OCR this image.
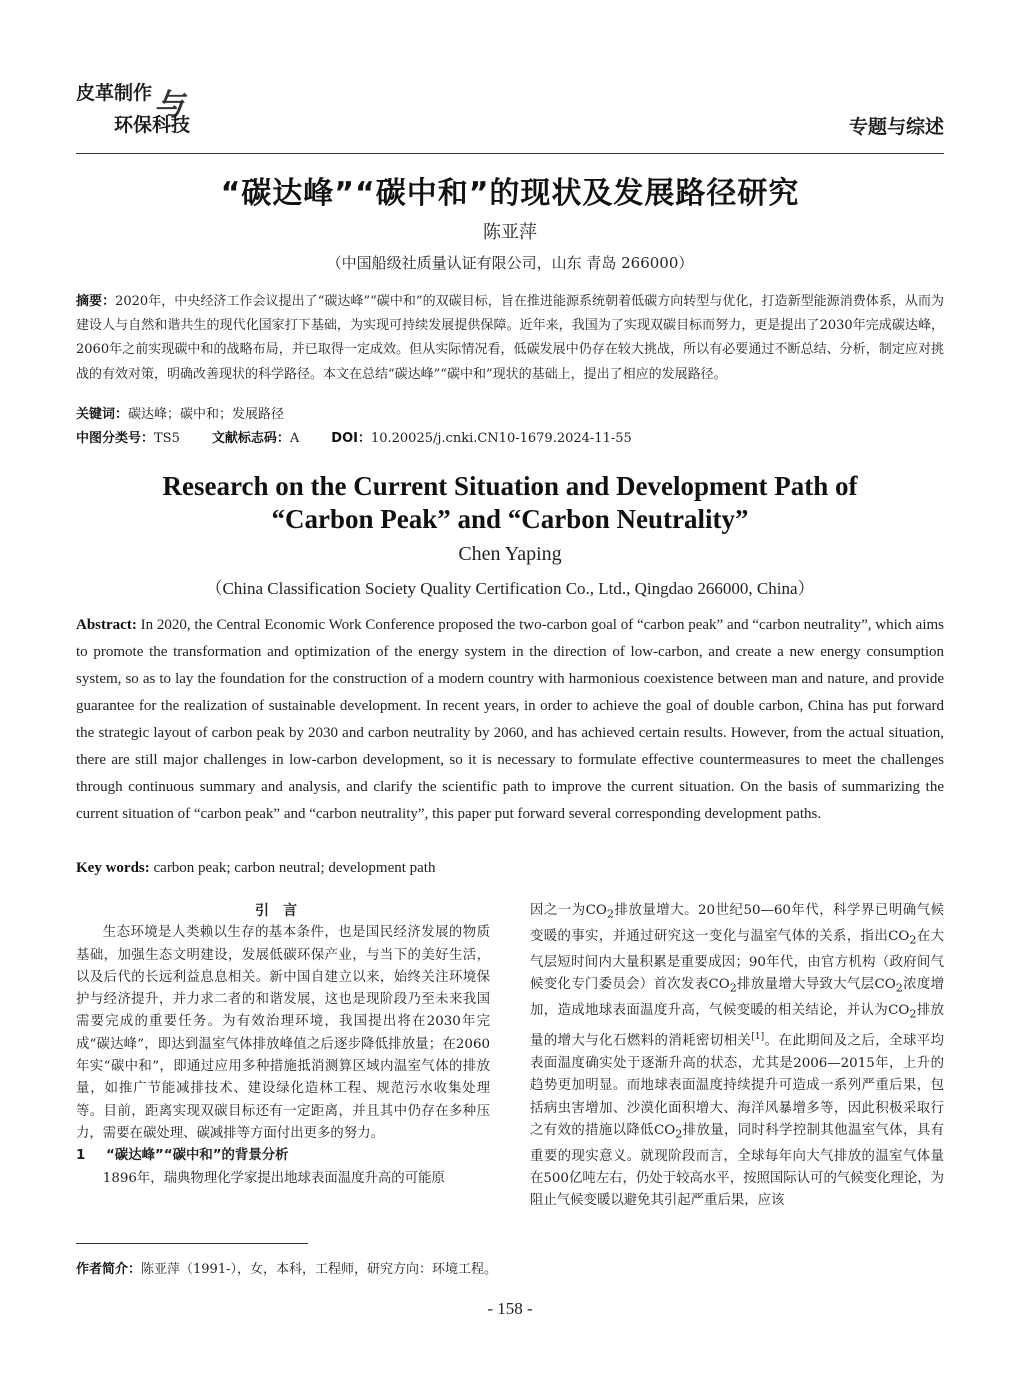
皮革制作 与
环保科技	专题与综述
“碳达峰”“碳中和”的现状及发展路径研究
陈亚萍
（中国船级社质量认证有限公司，山东 青岛 266000）
摘要：2020年，中央经济工作会议提出了“碳达峰”“碳中和”的双碳目标，旨在推进能源系统朝着低碳方向转型与优化，打造新型能源消费体系，从而为建设人与自然和谐共生的现代化国家打下基础，为实现可持续发展提供保障。近年来，我国为了实现双碳目标而努力，更是提出了2030年完成碳达峰，2060年之前实现碳中和的战略布局，并已取得一定成效。但从实际情况看，低碳发展中仍存在较大挑战，所以有必要通过不断总结、分析，制定应对挑战的有效对策，明确改善现状的科学路径。本文在总结“碳达峰”“碳中和”现状的基础上，提出了相应的发展路径。
关键词：碳达峰；碳中和；发展路径
中图分类号：TS5 文献标志码：A DOI：10.20025/j.cnki.CN10-1679.2024-11-55
Research on the Current Situation and Development Path of
“Carbon Peak” and “Carbon Neutrality”
Chen Yaping
（China Classification Society Quality Certification Co., Ltd., Qingdao 266000, China）
Abstract: In 2020, the Central Economic Work Conference proposed the two-carbon goal of “carbon peak” and “carbon neutrality”, which aims to promote the transformation and optimization of the energy system in the direction of low-carbon, and create a new energy consumption system, so as to lay the foundation for the construction of a modern country with harmonious coexistence between man and nature, and provide guarantee for the realization of sustainable development. In recent years, in order to achieve the goal of double carbon, China has put forward the strategic layout of carbon peak by 2030 and carbon neutrality by 2060, and has achieved certain results. However, from the actual situation, there are still major challenges in low-carbon development, so it is necessary to formulate effective countermeasures to meet the challenges through continuous summary and analysis, and clarify the scientific path to improve the current situation. On the basis of summarizing the current situation of “carbon peak” and “carbon neutrality”, this paper put forward several corresponding development paths.
Key words: carbon peak; carbon neutral; development path

引言

生态环境是人类赖以生存的基本条件，也是国民经济发展的物质基础，加强生态文明建设，发展低碳环保产业，与当下的美好生活，以及后代的长远利益息息相关。新中国自建立以来，始终关注环境保护与经济提升，并力求二者的和谐发展，这也是现阶段乃至未来我国需要完成的重要任务。为有效治理环境，我国提出将在2030年完成“碳达峰”，即达到温室气体排放峰值之后逐步降低排放量；在2060年实“碳中和”，即通过应用多种措施抵消测算区域内温室气体的排放量，如推广节能减排技术、建设绿化造林工程、规范污水收集处理等。目前，距离实现双碳目标还有一定距离，并且其中仍存在多种压力，需要在碳处理、碳减排等方面付出更多的努力。

1 “碳达峰”“碳中和”的背景分析

1896年，瑞典物理化学家提出地球表面温度升高的可能原

因之一为$CO_2$排放量增大。20世纪50—60年代，科学界已明确气候变暖的事实，并通过研究这一变化与温室气体的关系，指出$CO_2$在大气层短时间内大量积累是重要成因；90年代，由官方机构（政府间气候变化专门委员会）首次发表$CO_2$排放量增大导致大气层$CO_2$浓度增加，造成地球表面温度升高，气候变暖的相关结论，并认为$CO_2$排放量的增大与化石燃料的消耗密切相关[1]。在此期间及之后，全球平均表面温度确实处于逐渐升高的状态，尤其是2006—2015年，上升的趋势更加明显。而地球表面温度持续提升可造成一系列严重后果，包括病虫害增加、沙漠化面积增大、海洋风暴增多等，因此积极采取行之有效的措施以降低$CO_2$排放量，同时科学控制其他温室气体，具有重要的现实意义。就现阶段而言，全球每年向大气排放的温室气体量在500亿吨左右，仍处于较高水平，按照国际认可的气候变化理论，为阻止气候变暖以避免其引起严重后果，应该

作者简介：陈亚萍（1991-），女，本科，工程师，研究方向：环境工程。
- 158 -
